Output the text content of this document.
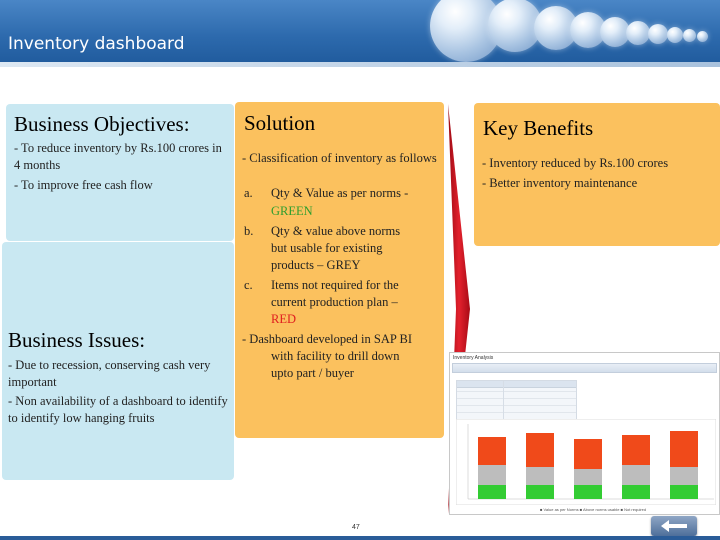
Inventory dashboard
Business Objectives:
- To reduce inventory by Rs.100 crores in 4 months
- To improve free cash flow
Business Issues:
- Due to recession, conserving cash very important
- Non availability of a dashboard to identify to identify low hanging fruits
Solution
- Classification of inventory as follows
a. Qty & Value as per norms -
GREEN
b. Qty & value above norms
but usable for existing
products – GREY
c. Items not required for the
current production plan –
RED
- Dashboard developed in SAP BI
with facility to drill down
upto part / buyer
Key Benefits
- Inventory reduced by Rs.100 crores
- Better inventory maintenance
Inventory Analysis
■ Value as per Norms ■ Above norms usable ■ Not required
47
